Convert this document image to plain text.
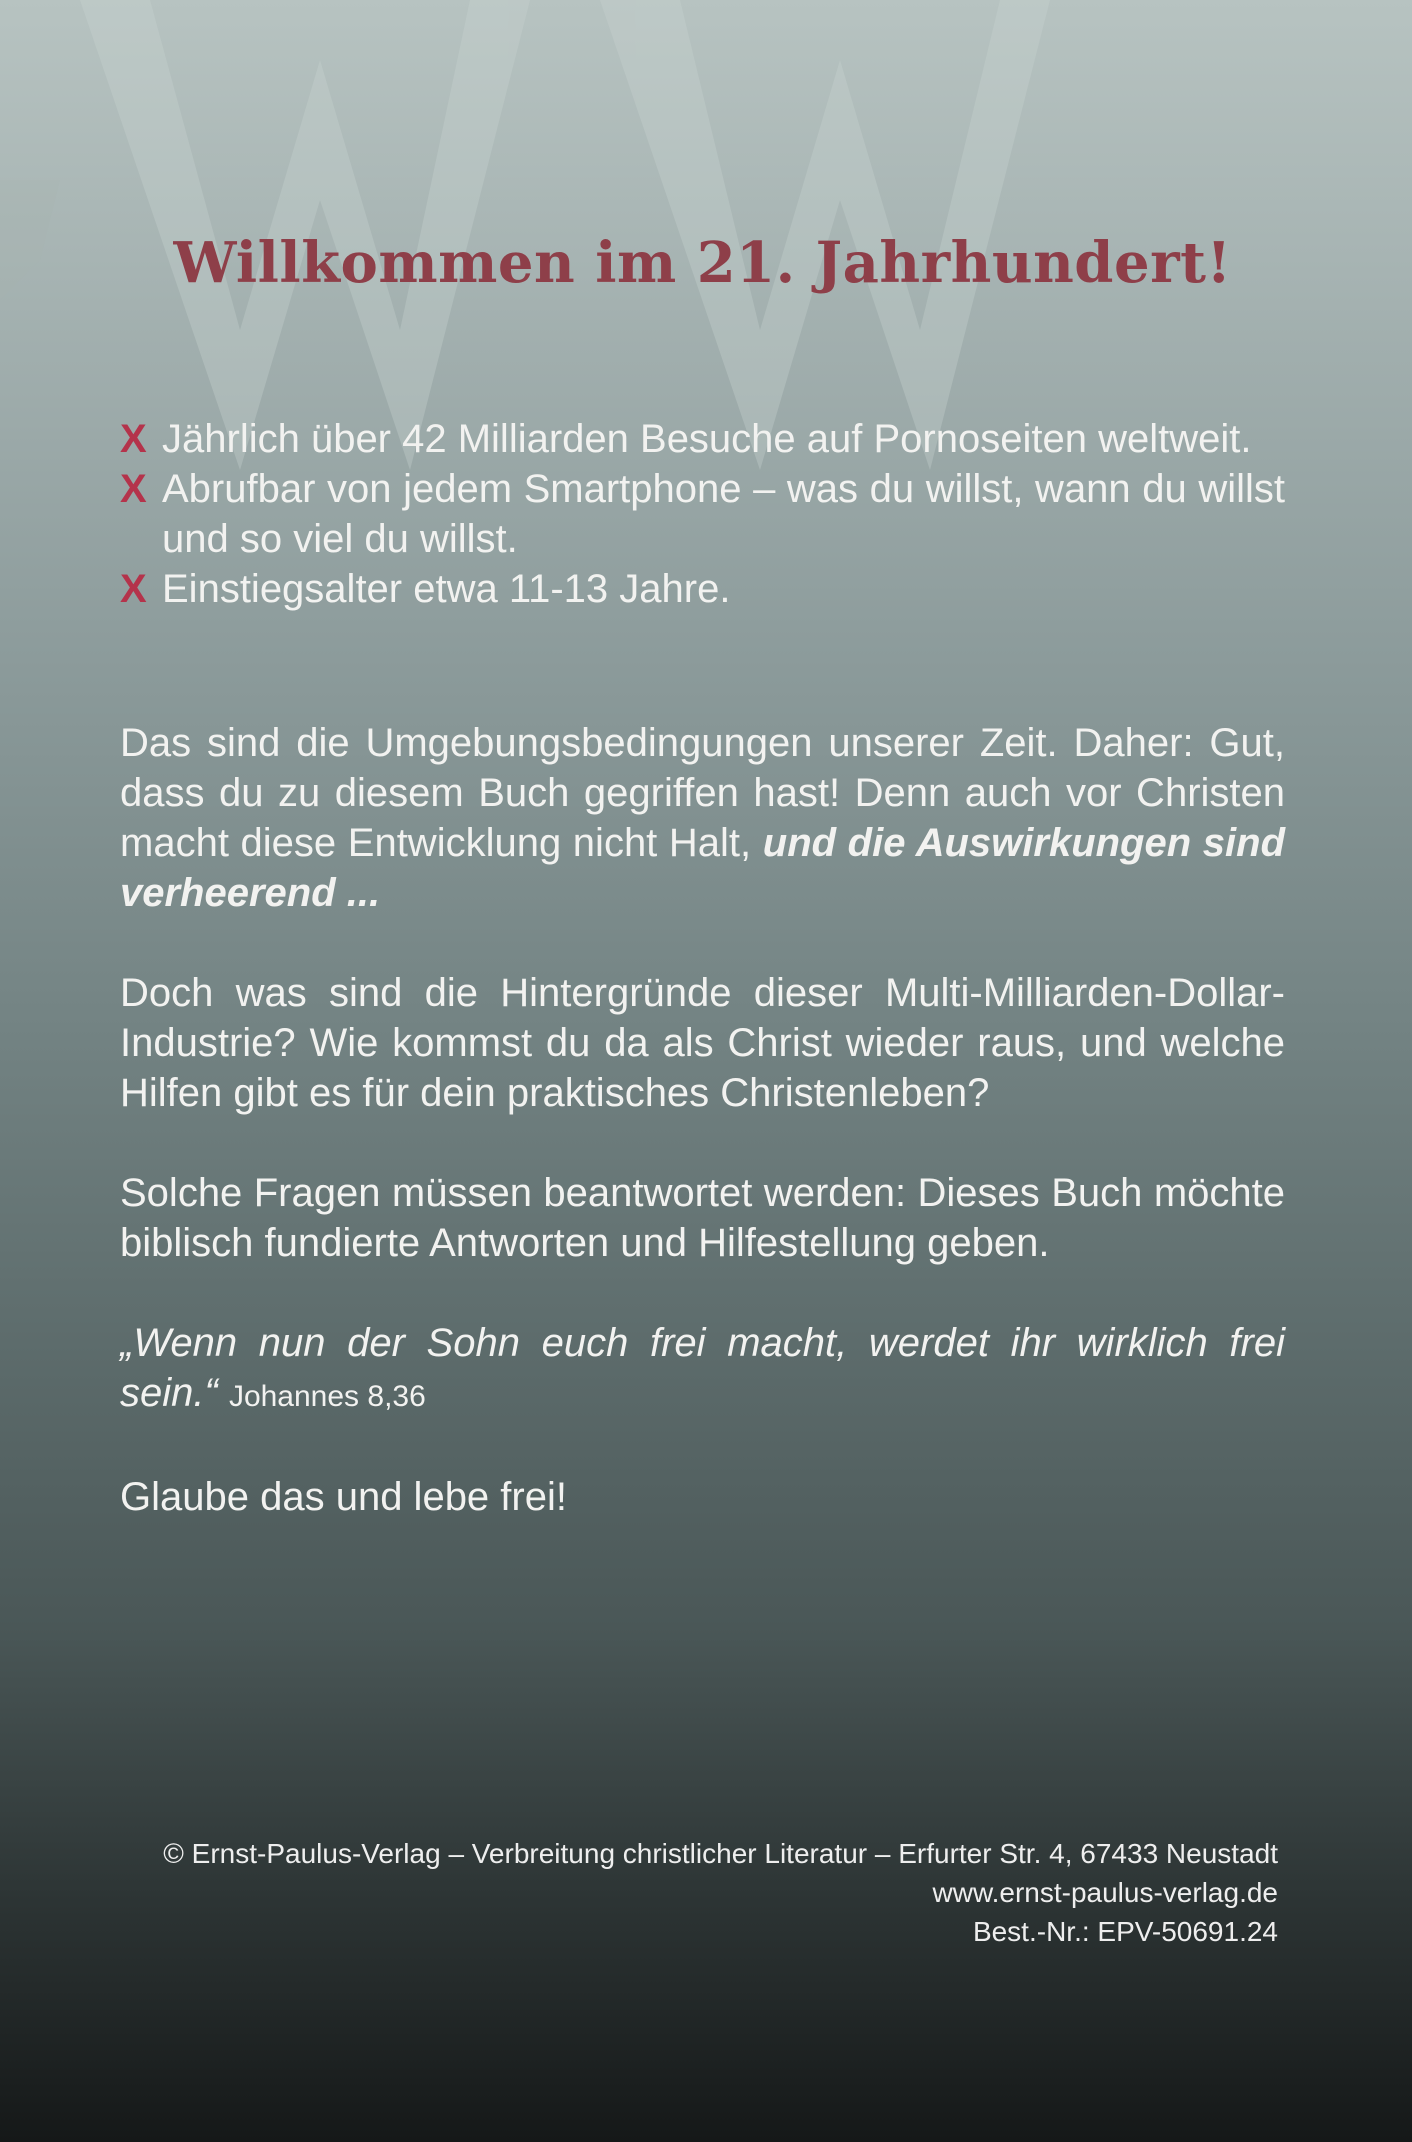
Willkommen im 21. Jahrhundert!
X Jährlich über 42 Milliarden Besuche auf Pornoseiten weltweit.
X Abrufbar von jedem Smartphone – was du willst, wann du willst und so viel du willst.
X Einstiegsalter etwa 11-13 Jahre.

Das sind die Umgebungsbedingungen unserer Zeit. Daher: Gut, dass du zu diesem Buch gegriffen hast! Denn auch vor Christen macht diese Entwicklung nicht Halt, und die Auswirkungen sind verheerend ...

Doch was sind die Hintergründe dieser Multi-Milliarden-Dollar-Industrie? Wie kommst du da als Christ wieder raus, und welche Hilfen gibt es für dein praktisches Christenleben?

Solche Fragen müssen beantwortet werden: Dieses Buch möchte biblisch fundierte Antworten und Hilfestellung geben.

„Wenn nun der Sohn euch frei macht, werdet ihr wirklich frei sein.“ Johannes 8,36

Glaube das und lebe frei!

© Ernst-Paulus-Verlag – Verbreitung christlicher Literatur – Erfurter Str. 4, 67433 Neustadt
www.ernst-paulus-verlag.de
Best.-Nr.: EPV-50691.24
